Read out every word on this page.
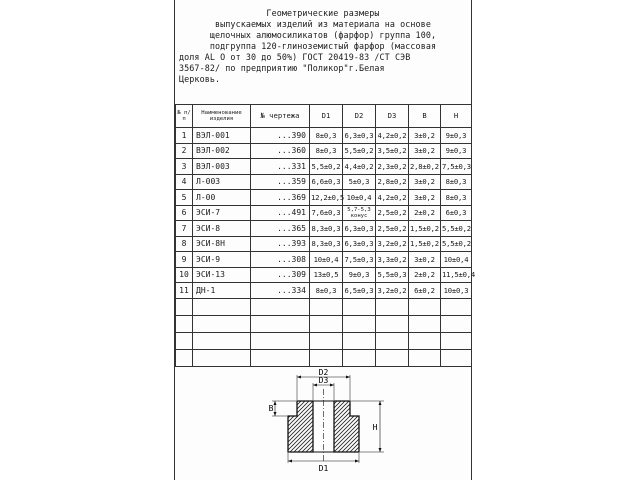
Геометрические размеры
выпускаемых изделий из материала на основе
щелочных алюмосиликатов (фарфор) группа 100,
подгруппа 120-глиноземистый фарфор (массовая
доля AL O от 30 до 50%) ГОСТ 20419-83 /СТ СЭВ
3567-82/ по предприятию "Поликор"г.Белая
Церковь.
№ п/п	Наименование изделия	№ чертежа	D1	D2	D3	B	H
1	ВЭЛ-001	...390	8±0,3	6,3±0,3	4,2±0,2	3±0,2	9±0,3
2	ВЭЛ-002	...360	8±0,3	5,5±0,2	3,5±0,2	3±0,2	9±0,3
3	ВЭЛ-003	...331	5,5±0,2	4,4±0,2	2,3±0,2	2,8±0,2	7,5±0,3
4	Л-003	...359	6,6±0,3	5±0,3	2,8±0,2	3±0,2	8±0,3
5	Л-00	...369	12,2±0,5	10±0,4	4,2±0,2	3±0,2	8±0,3
6	ЭСИ-7	...491	7,6±0,3	5,7-5,3 конус	2,5±0,2	2±0,2	6±0,3
7	ЭСИ-8	...365	8,3±0,3	6,3±0,3	2,5±0,2	1,5±0,2	5,5±0,2
8	ЭСИ-8Н	...393	8,3±0,3	6,3±0,3	3,2±0,2	1,5±0,2	5,5±0,2
9	ЭСИ-9	...308	10±0,4	7,5±0,3	3,3±0,2	3±0,2	10±0,4
10	ЭСИ-13	...309	13±0,5	9±0,3	5,5±0,3	2±0,2	11,5±0,4
11	ДН-1	...334	8±0,3	6,5±0,3	3,2±0,2	6±0,2	10±0,3

D2
D3
B
H
D1
